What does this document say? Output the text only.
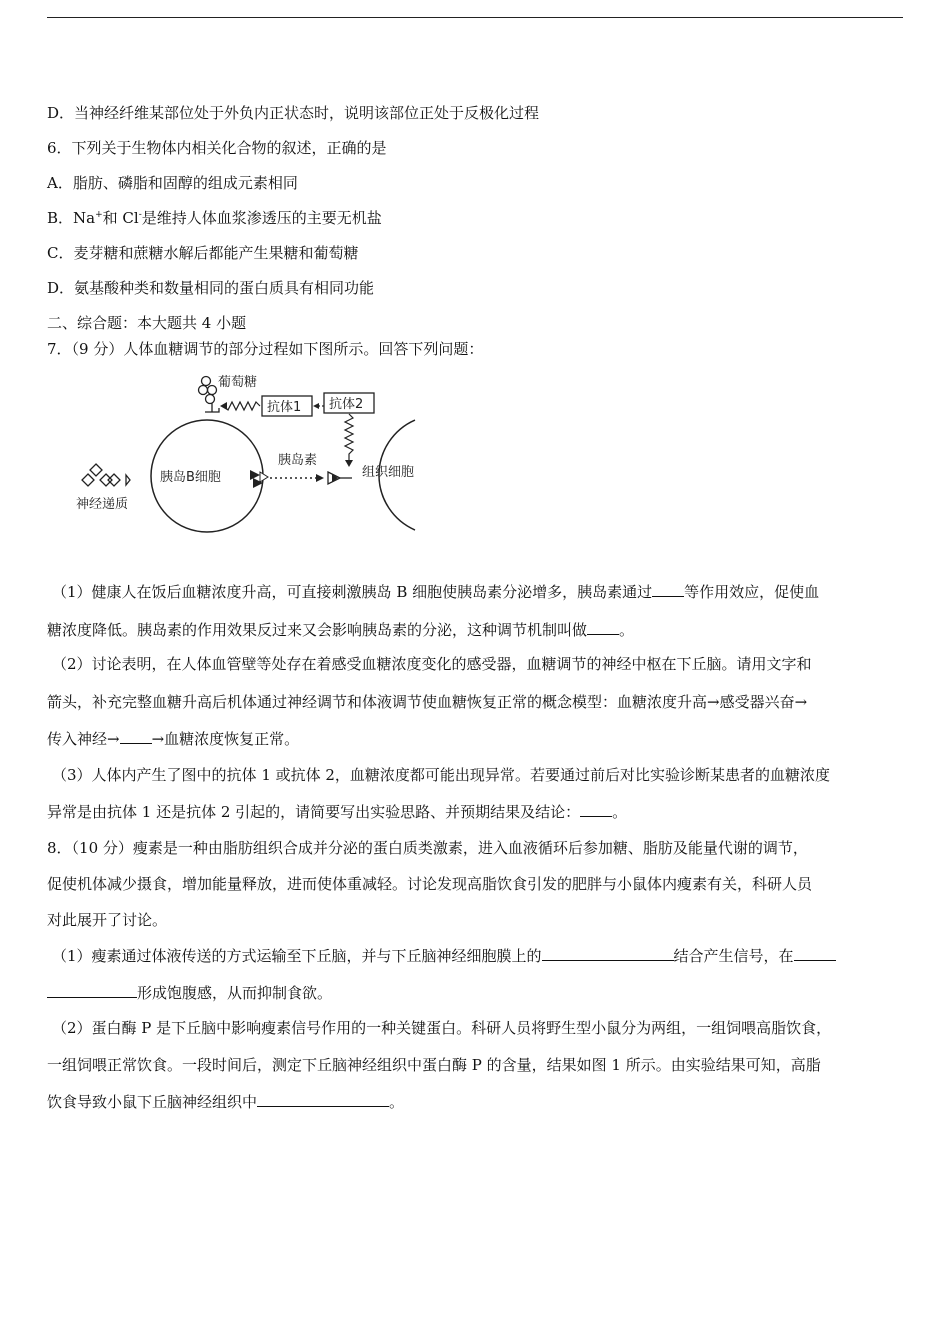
D．当神经纤维某部位处于外负内正状态时，说明该部位正处于反极化过程
6．下列关于生物体内相关化合物的叙述，正确的是
A．脂肪、磷脂和固醇的组成元素相同
B．Na+和 Cl-是维持人体血浆渗透压的主要无机盐
C．麦芽糖和蔗糖水解后都能产生果糖和葡萄糖
D．氨基酸种类和数量相同的蛋白质具有相同功能
二、综合题：本大题共 4 小题
7．（9 分）人体血糖调节的部分过程如下图所示。回答下列问题：
葡萄糖
抗体1 抗体2
胰岛B细胞	组织细胞
神经递质
胰岛素
（1）健康人在饭后血糖浓度升高，可直接刺激胰岛 B 细胞使胰岛素分泌增多，胰岛素通过 等作用效应，促使血
糖浓度降低。胰岛素的作用效果反过来又会影响胰岛素的分泌，这种调节机制叫做 。
（2）讨论表明，在人体血管壁等处存在着感受血糖浓度变化的感受器，血糖调节的神经中枢在下丘脑。请用文字和
箭头，补充完整血糖升高后机体通过神经调节和体液调节使血糖恢复正常的概念模型：血糖浓度升高→感受器兴奋→
传入神经→ →血糖浓度恢复正常。
（3）人体内产生了图中的抗体 1 或抗体 2，血糖浓度都可能出现异常。若要通过前后对比实验诊断某患者的血糖浓度
异常是由抗体 1 还是抗体 2 引起的，请简要写出实验思路、并预期结果及结论： 。
8．（10 分）瘦素是一种由脂肪组织合成并分泌的蛋白质类激素，进入血液循环后参加糖、脂肪及能量代谢的调节，
促使机体减少摄食，增加能量释放，进而使体重减轻。讨论发现高脂饮食引发的肥胖与小鼠体内瘦素有关，科研人员
对此展开了讨论。
（1）瘦素通过体液传送的方式运输至下丘脑，并与下丘脑神经细胞膜上的	结合产生信号，在
形成饱腹感，从而抑制食欲。
（2）蛋白酶 P 是下丘脑中影响瘦素信号作用的一种关键蛋白。科研人员将野生型小鼠分为两组，一组饲喂高脂饮食，
一组饲喂正常饮食。一段时间后，测定下丘脑神经组织中蛋白酶 P 的含量，结果如图 1 所示。由实验结果可知，高脂
饮食导致小鼠下丘脑神经组织中	。
